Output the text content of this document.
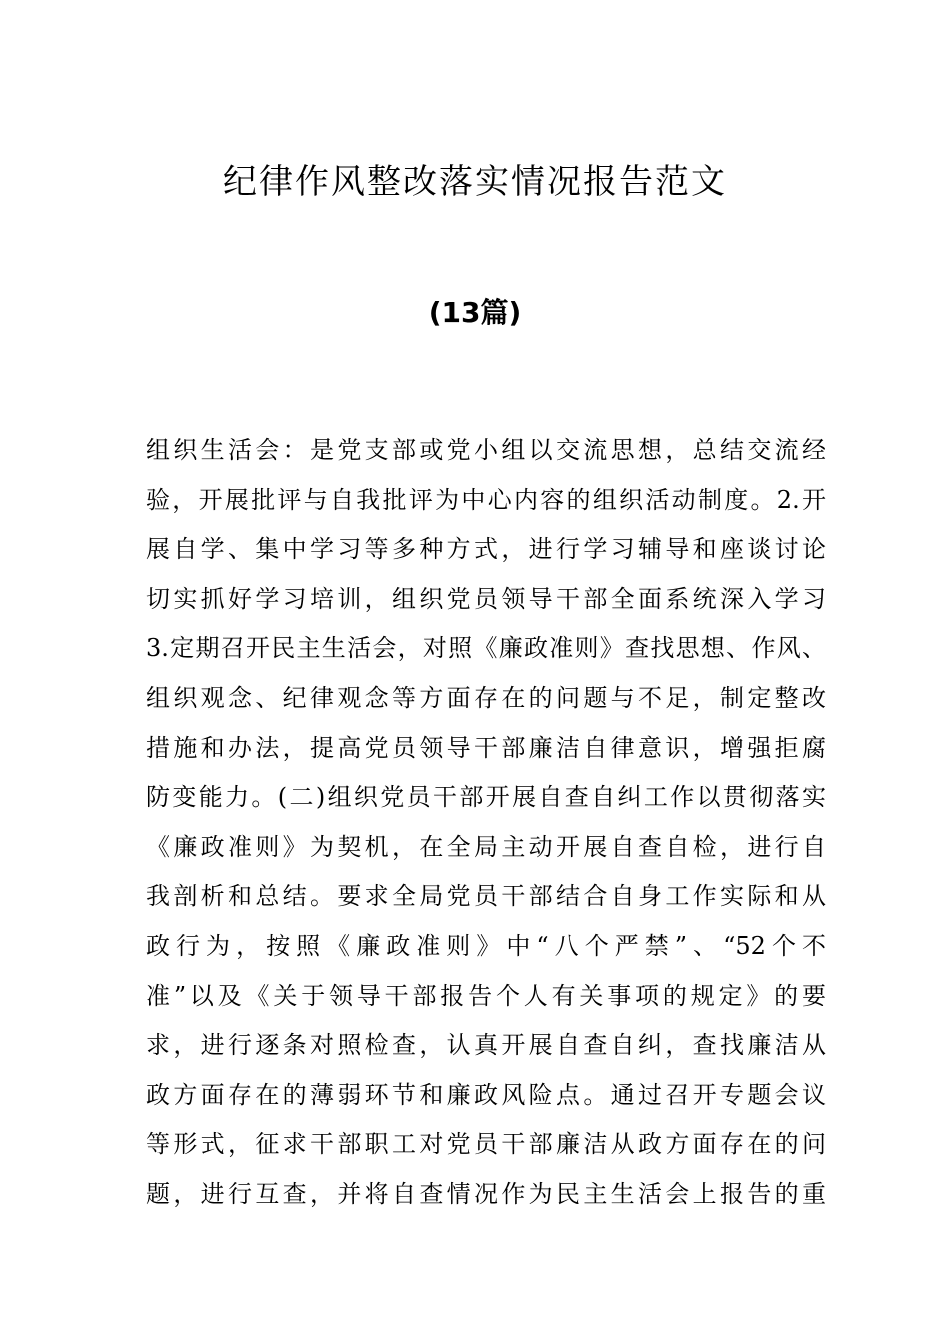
纪律作风整改落实情况报告范文
(13篇)
组织生活会：是党支部或党小组以交流思想，总结交流经
验，开展批评与自我批评为中心内容的组织活动制度。2.开
展自学、集中学习等多种方式，进行学习辅导和座谈讨论
切实抓好学习培训，组织党员领导干部全面系统深入学习
3.定期召开民主生活会，对照《廉政准则》查找思想、作风、
组织观念、纪律观念等方面存在的问题与不足，制定整改
措施和办法，提高党员领导干部廉洁自律意识，增强拒腐
防变能力。(二)组织党员干部开展自查自纠工作以贯彻落实
《廉政准则》为契机，在全局主动开展自查自检，进行自
我剖析和总结。要求全局党员干部结合自身工作实际和从
政行为，按照《廉政准则》中“八个严禁”、“52个不
准”以及《关于领导干部报告个人有关事项的规定》的要
求，进行逐条对照检查，认真开展自查自纠，查找廉洁从
政方面存在的薄弱环节和廉政风险点。通过召开专题会议
等形式，征求干部职工对党员干部廉洁从政方面存在的问
题，进行互查，并将自查情况作为民主生活会上报告的重
